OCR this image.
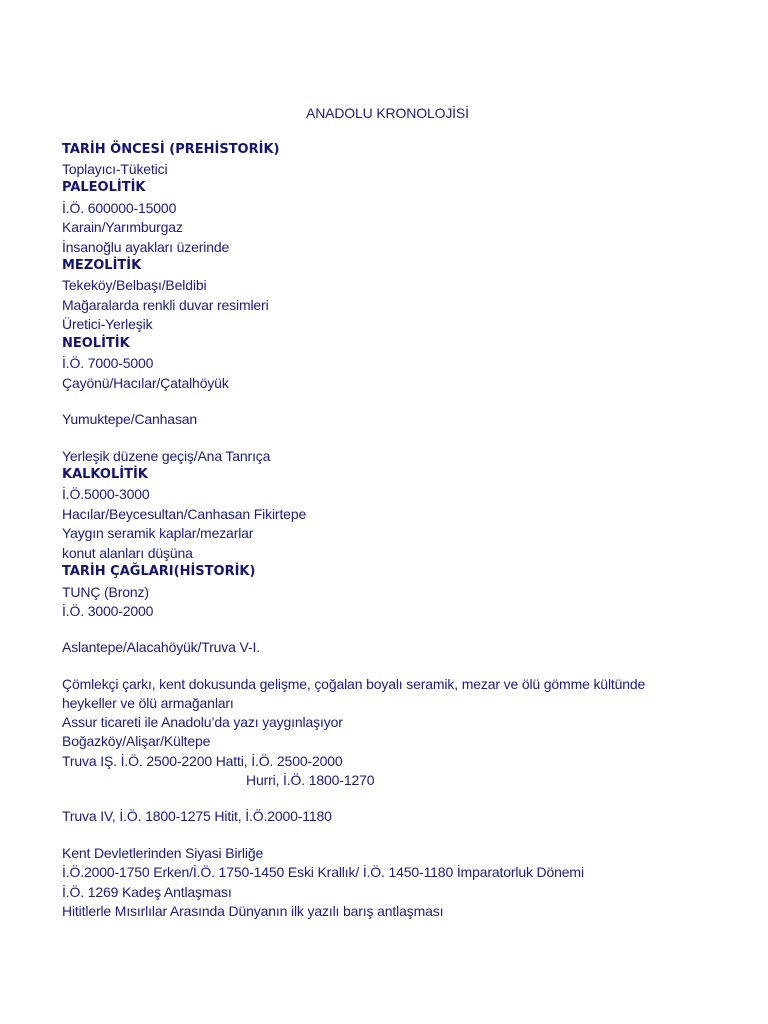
ANADOLU KRONOLOJİSİ
TARİH ÖNCESİ (PREHİSTORİK)
Toplayıcı-Tüketici
PALEOLİTİK
İ.Ö. 600000-15000
Karain/Yarımburgaz
İnsanoğlu ayakları üzerinde
MEZOLİTİK
Tekeköy/Belbaşı/Beldibi
Mağaralarda renkli duvar resimleri
Üretici-Yerleşik
NEOLİTİK
İ.Ö. 7000-5000
Çayönü/Hacılar/Çatalhöyük
Yumuktepe/Canhasan
Yerleşik düzene geçiş/Ana Tanrıça
KALKOLİTİK
İ.Ö.5000-3000
Hacılar/Beycesultan/Canhasan Fikirtepe
Yaygın seramik kaplar/mezarlar
konut alanları düşüna
TARİH ÇAĞLARI(HİSTORİK)
TUNÇ (Bronz)
İ.Ö. 3000-2000
Aslantepe/Alacahöyük/Truva V-I.
Çömlekçi çarkı, kent dokusunda gelişme, çoğalan boyalı seramik, mezar ve ölü gömme kültünde
heykeller ve ölü armağanları
Assur ticareti ile Anadolu’da yazı yaygınlaşıyor
Boğazköy/Alişar/Kültepe
Truva IŞ. İ.Ö. 2500-2200 Hatti, İ.Ö. 2500-2000
Hurri, İ.Ö. 1800-1270
Truva IV, İ.Ö. 1800-1275 Hitit, İ.Ö.2000-1180
Kent Devletlerinden Siyasi Birliğe
İ.Ö.2000-1750 Erken/İ.Ö. 1750-1450 Eski Krallık/ İ.Ö. 1450-1180 İmparatorluk Dönemi
İ.Ö. 1269 Kadeş Antlaşması
Hititlerle Mısırlılar Arasında Dünyanın ilk yazılı barış antlaşması
